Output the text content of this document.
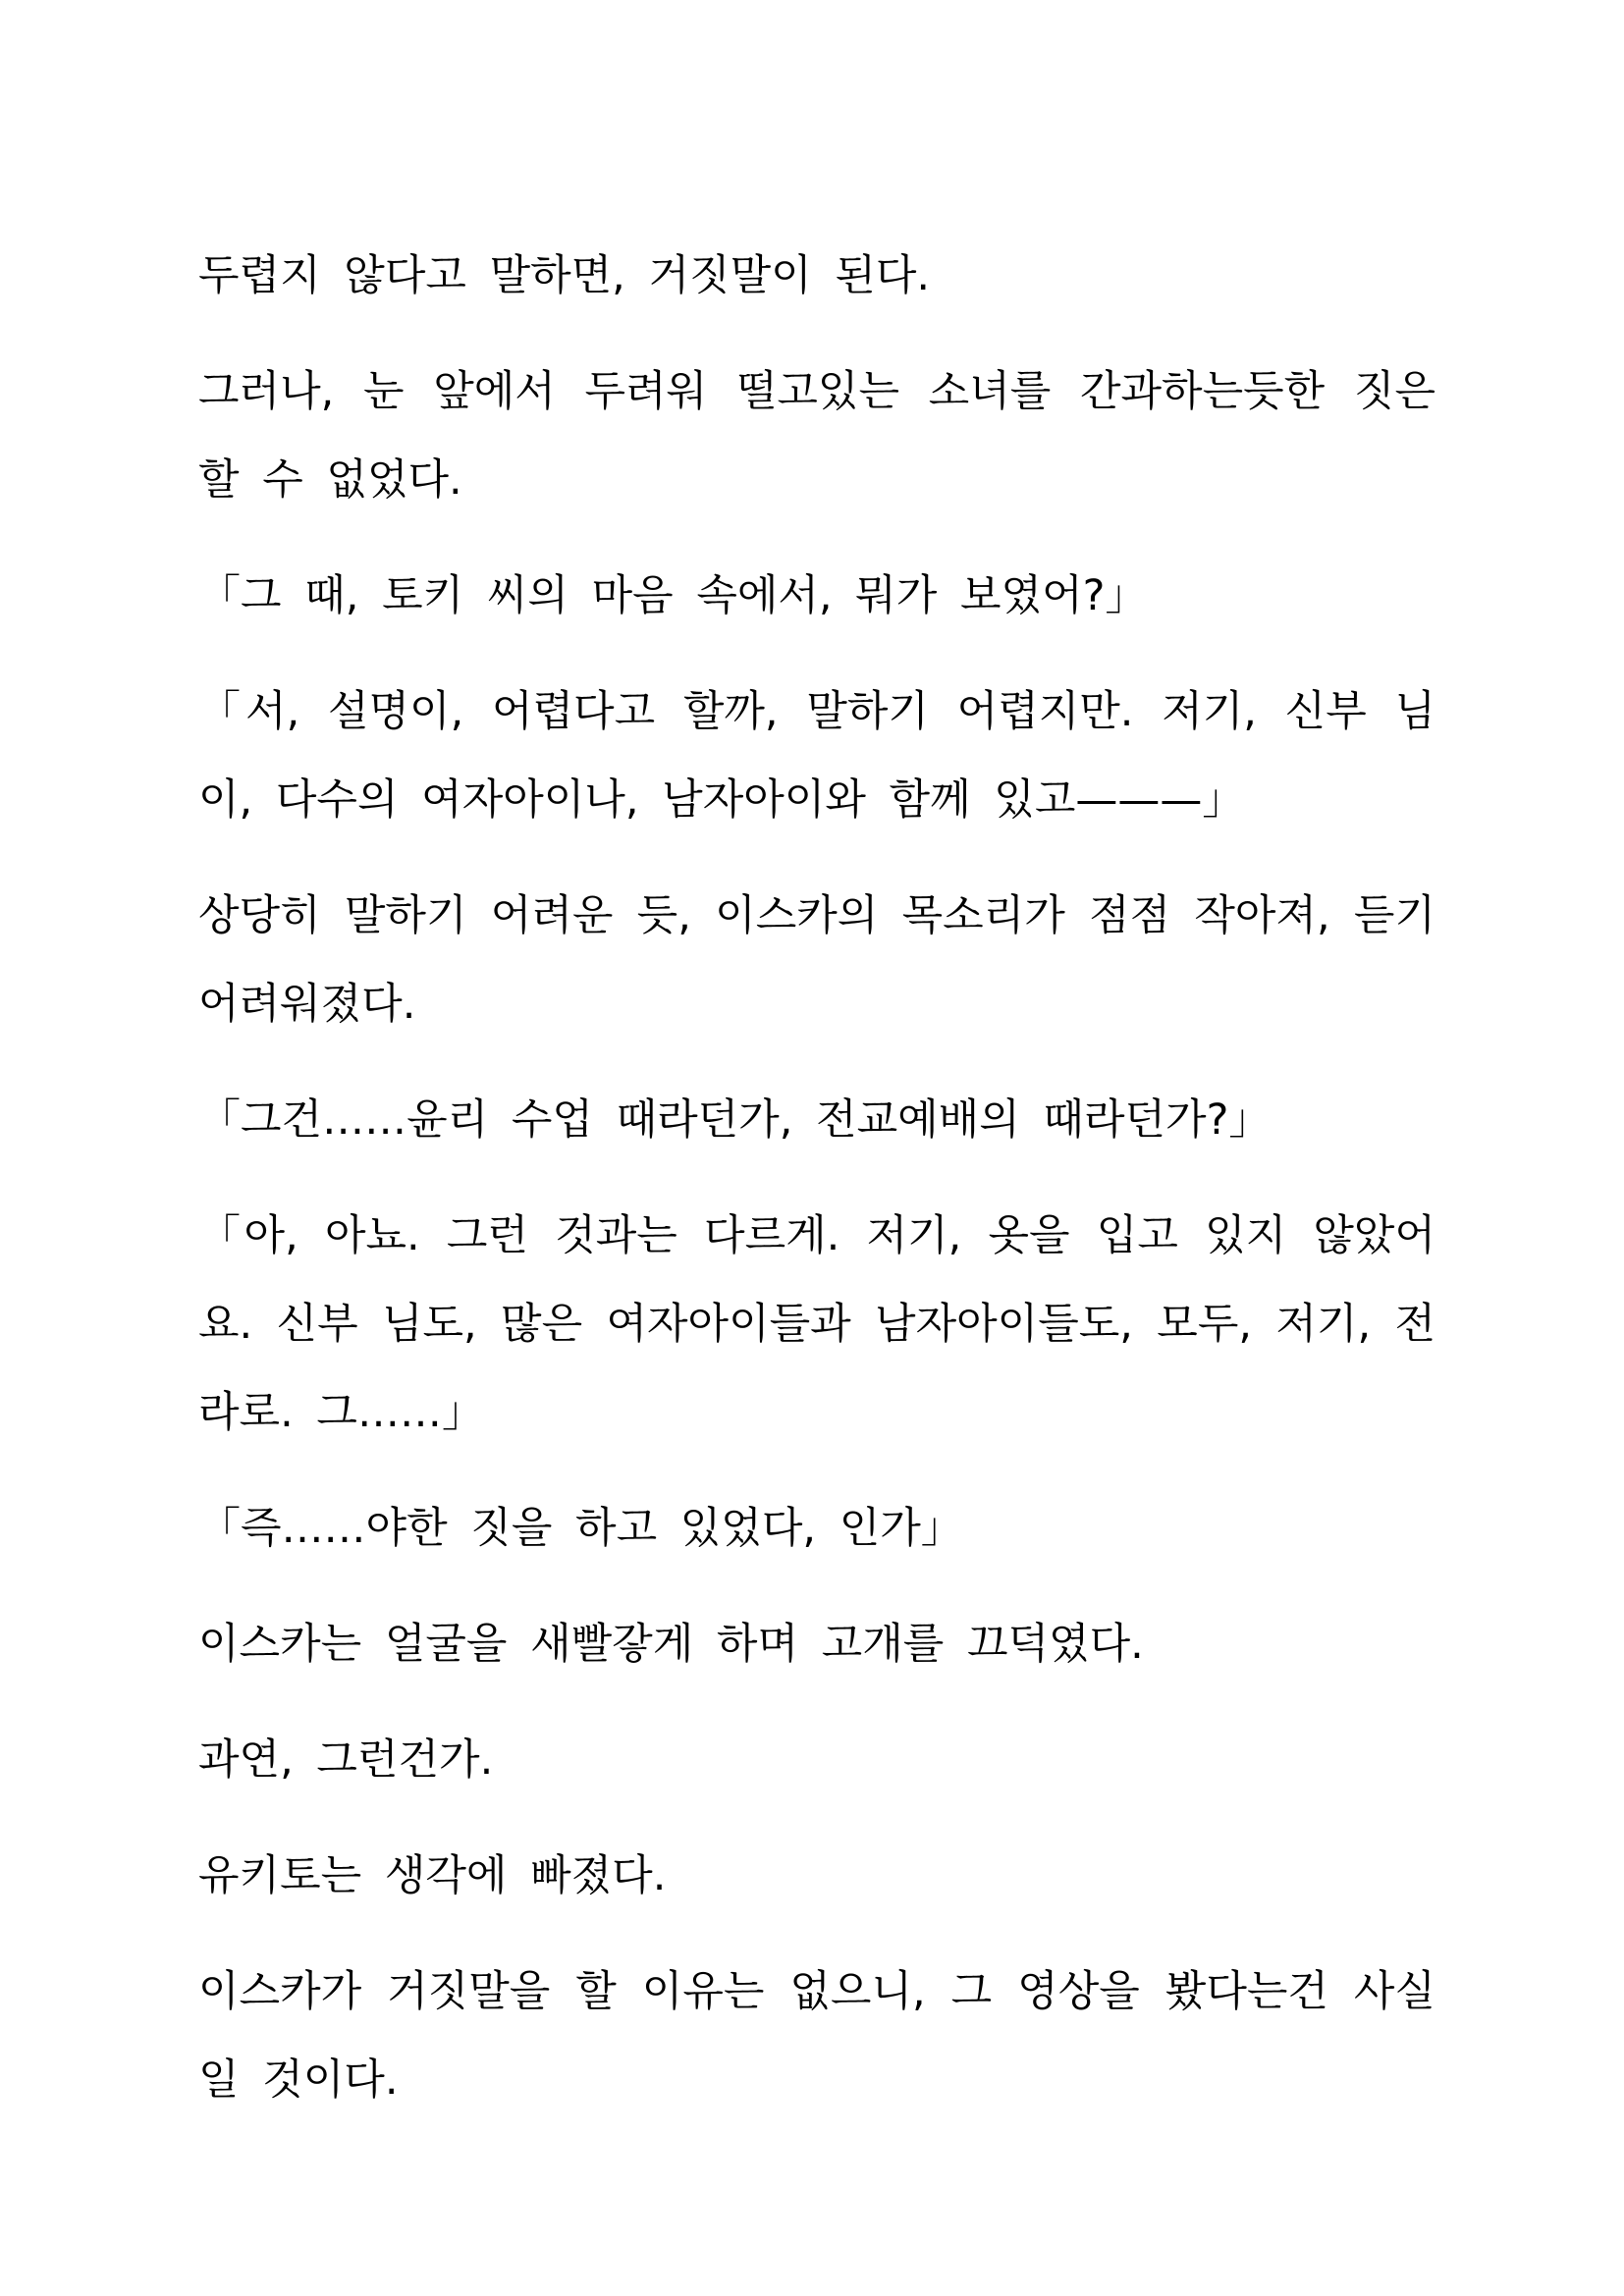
두렵지 않다고 말하면, 거짓말이 된다.

그러나, 눈 앞에서 두려워 떨고있는 소녀를 간과하는듯한 짓은 할 수 없었다.

「그 때, 토키 씨의 마음 속에서, 뭐가 보였어?」

「서, 설명이, 어렵다고 할까, 말하기 어렵지만. 저기, 신부 님이, 다수의 여자아이나, 남자아이와 함께 있고———」

상당히 말하기 어려운 듯, 이스카의 목소리가 점점 작아져, 듣기 어려워졌다.

「그건……윤리 수업 때라던가, 전교예배의 때라던가?」

「아, 아뇨. 그런 것과는 다르게. 저기, 옷을 입고 있지 않았어요. 신부 님도, 많은 여자아이들과 남자아이들도, 모두, 저기, 전라로. 그……」

「즉……야한 짓을 하고 있었다, 인가」

이스카는 얼굴을 새빨갛게 하며 고개를 끄덕였다.

과연, 그런건가.

유키토는 생각에 빠졌다.

이스카가 거짓말을 할 이유는 없으니, 그 영상을 봤다는건 사실일 것이다.
